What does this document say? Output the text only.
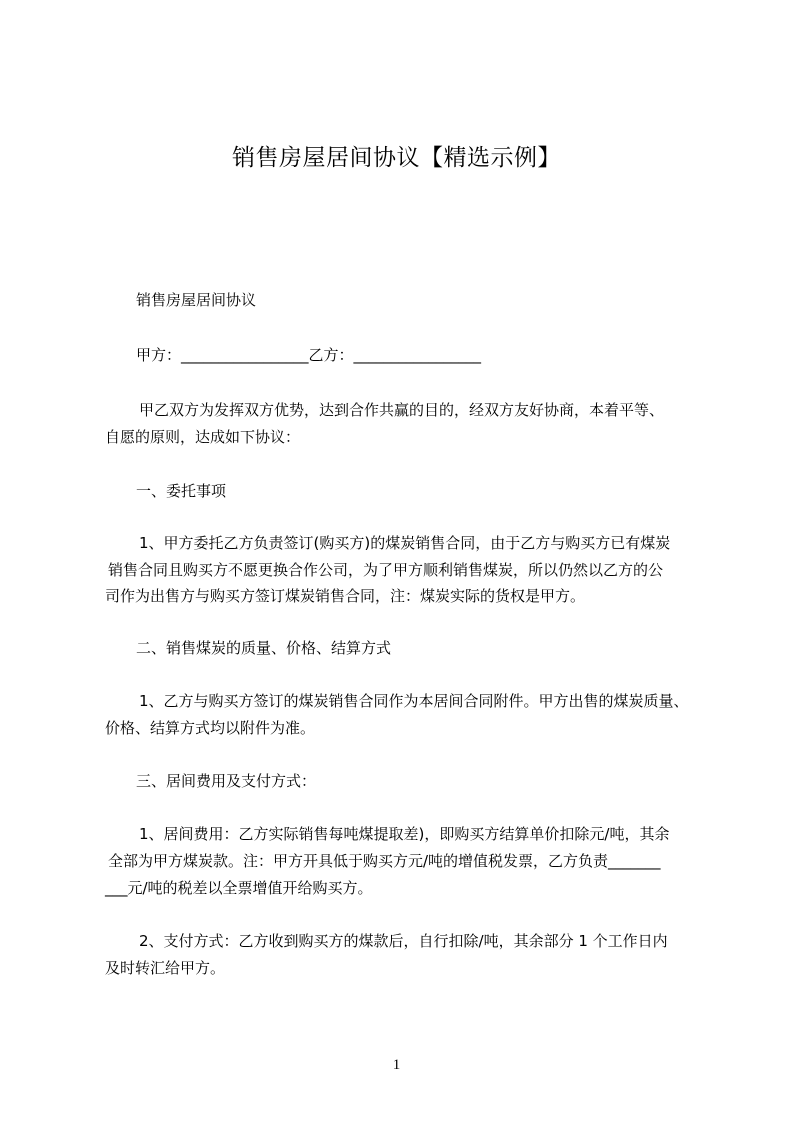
销售房屋居间协议【精选示例】
销售房屋居间协议
甲方：_________________乙方：_________________
甲乙双方为发挥双方优势，达到合作共赢的目的，经双方友好协商，本着平等、
自愿的原则，达成如下协议：
一、委托事项
1、甲方委托乙方负责签订(购买方)的煤炭销售合同，由于乙方与购买方已有煤炭
销售合同且购买方不愿更换合作公司，为了甲方顺利销售煤炭，所以仍然以乙方的公
司作为出售方与购买方签订煤炭销售合同，注：煤炭实际的货权是甲方。
二、销售煤炭的质量、价格、结算方式
1、乙方与购买方签订的煤炭销售合同作为本居间合同附件。甲方出售的煤炭质量、
价格、结算方式均以附件为准。
三、居间费用及支付方式：
1、居间费用：乙方实际销售每吨煤提取差)，即购买方结算单价扣除元/吨，其余
全部为甲方煤炭款。注：甲方开具低于购买方元/吨的增值税发票，乙方负责_______
___元/吨的税差以全票增值开给购买方。
2、支付方式：乙方收到购买方的煤款后，自行扣除/吨，其余部分 1 个工作日内
及时转汇给甲方。
1
